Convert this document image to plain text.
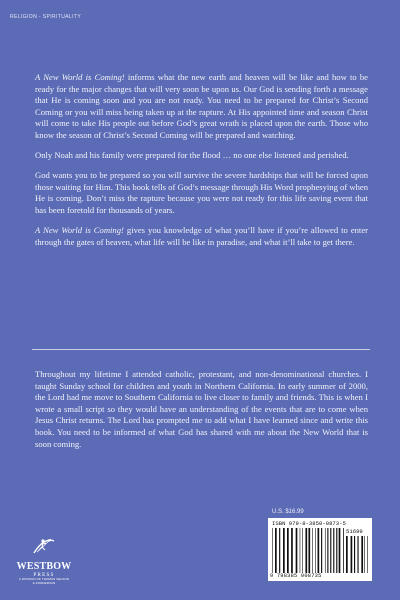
RELIGION - SPIRITUALITY

A New World is Coming! informs what the new earth and heaven will be like and how to be ready for the major changes that will very soon be upon us. Our God is sending forth a message that He is coming soon and you are not ready. You need to be prepared for Christ’s Second Coming or you will miss being taken up at the rapture. At His appointed time and season Christ will come to take His people out before God’s great wrath is placed upon the earth. Those who know the season of Christ’s Second Coming will be prepared and watching.

Only Noah and his family were prepared for the flood … no one else listened and perished.

God wants you to be prepared so you will survive the severe hardships that will be forced upon those waiting for Him. This book tells of God’s message through His Word prophesying of when He is coming. Don’t miss the rapture because you were not ready for this life saving event that has been foretold for thousands of years.

A New World is Coming! gives you knowledge of what you’ll have if you’re allowed to enter through the gates of heaven, what life will be like in paradise, and what it’ll take to get there.

Throughout my lifetime I attended catholic, protestant, and non-denominational churches. I taught Sunday school for children and youth in Northern California. In early summer of 2000, the Lord had me move to Southern California to live closer to family and friends. This is when I wrote a small script so they would have an understanding of the events that are to come when Jesus Christ returns. The Lord has prompted me to add what I have learned since and write this book. You need to be informed of what God has shared with me about the New World that is soon coming.

U.S. $16.99
ISBN 979-8-3850-0873-5
51699
9 798385 008735
WESTBOW
PRESS
A DIVISION OF THOMAS NELSON
& ZONDERVAN
